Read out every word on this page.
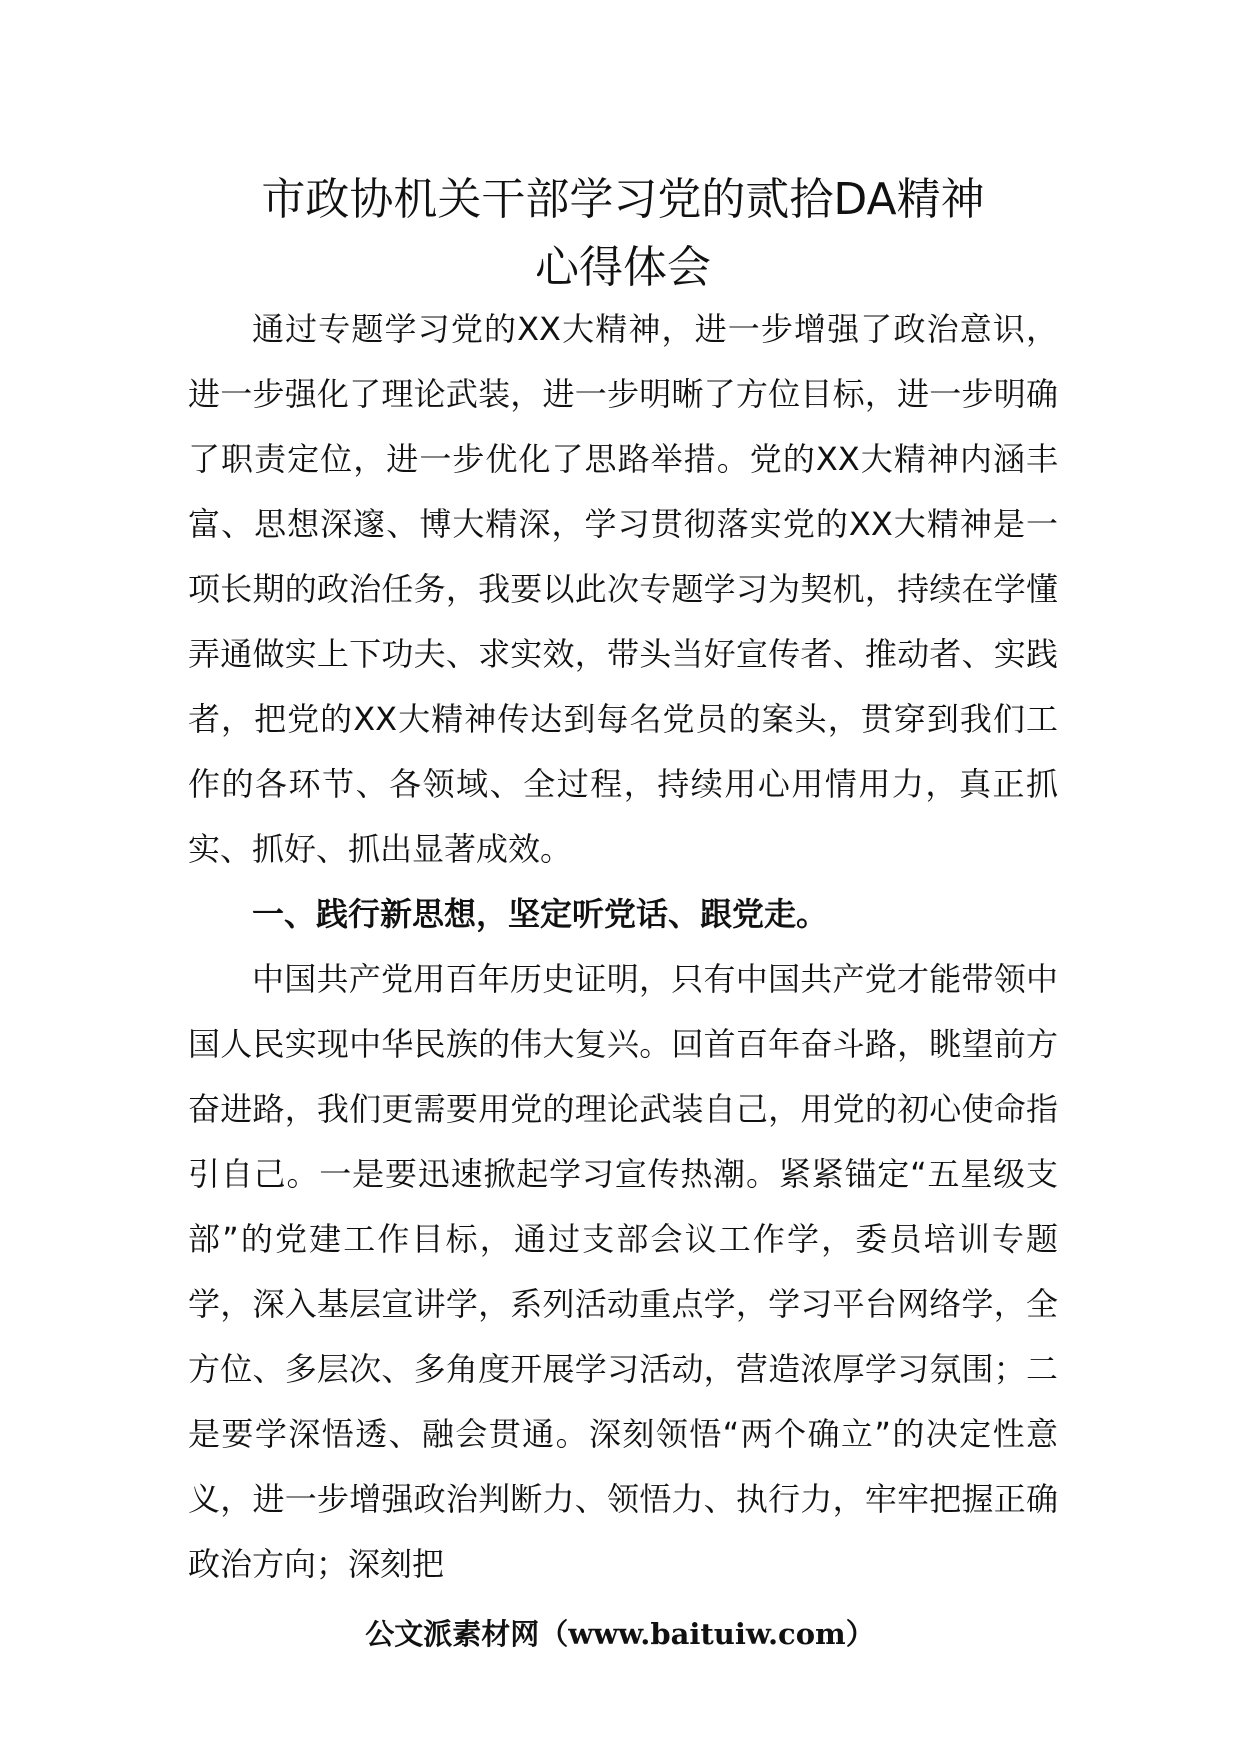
市政协机关干部学习党的贰拾DA精神
心得体会

通过专题学习党的XX大精神，进一步增强了政治意识，进一步强化了理论武装，进一步明晰了方位目标，进一步明确了职责定位，进一步优化了思路举措。党的XX大精神内涵丰富、思想深邃、博大精深，学习贯彻落实党的XX大精神是一项长期的政治任务，我要以此次专题学习为契机，持续在学懂弄通做实上下功夫、求实效，带头当好宣传者、推动者、实践者，把党的XX大精神传达到每名党员的案头，贯穿到我们工作的各环节、各领域、全过程，持续用心用情用力，真正抓实、抓好、抓出显著成效。

一、践行新思想，坚定听党话、跟党走。

中国共产党用百年历史证明，只有中国共产党才能带领中国人民实现中华民族的伟大复兴。回首百年奋斗路，眺望前方奋进路，我们更需要用党的理论武装自己，用党的初心使命指引自己。一是要迅速掀起学习宣传热潮。紧紧锚定“五星级支部”的党建工作目标，通过支部会议工作学，委员培训专题学，深入基层宣讲学，系列活动重点学，学习平台网络学，全方位、多层次、多角度开展学习活动，营造浓厚学习氛围；二是要学深悟透、融会贯通。深刻领悟“两个确立”的决定性意义，进一步增强政治判断力、领悟力、执行力，牢牢把握正确政治方向；深刻把

公文派素材网（www.baituiw.com）
